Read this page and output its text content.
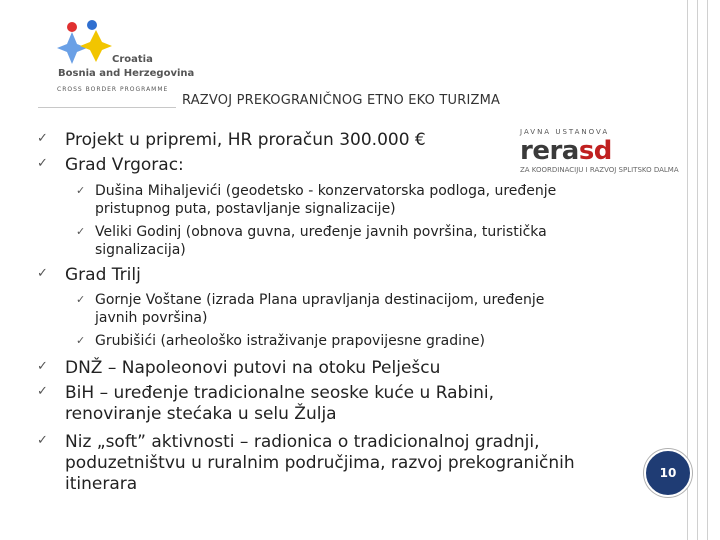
Croatia
Bosnia and Herzegovina
CROSS BORDER PROGRAMME
RAZVOJ PREKOGRANIČNOG ETNO EKO TURIZMA
JAVNA USTANOVA
rerasd
ZA KOORDINACIJU I RAZVOJ SPLITSKO DALMA
✓ Projekt u pripremi, HR proračun 300.000 €
✓ Grad Vrgorac:
✓ Dušina Mihaljevići (geodetsko - konzervatorska podloga, uređenje
pristupnog puta, postavljanje signalizacije)
✓ Veliki Godinj (obnova guvna, uređenje javnih površina, turistička
signalizacija)
✓ Grad Trilj
✓ Gornje Voštane (izrada Plana upravljanja destinacijom, uređenje
javnih površina)
✓ Grubišići (arheološko istraživanje prapovijesne gradine)
✓ DNŽ – Napoleonovi putovi na otoku Pelješcu
✓ BiH – uređenje tradicionalne seoske kuće u Rabini,
renoviranje stećaka u selu Žulja
✓ Niz „soft” aktivnosti – radionica o tradicionalnoj gradnji,
poduzetništvu u ruralnim područjima, razvoj prekograničnih
itinerara
10
